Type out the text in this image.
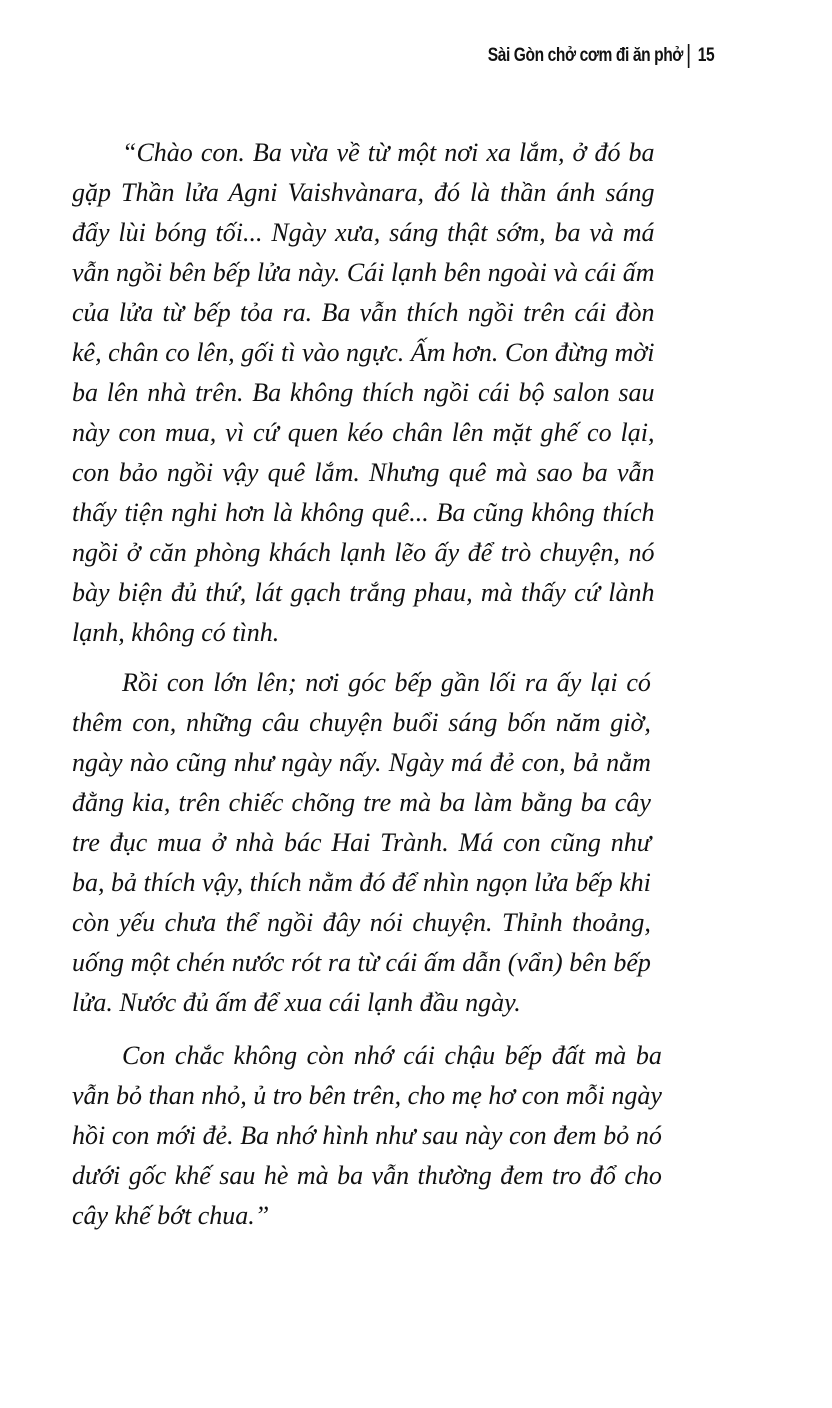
Sài Gòn chở cơm đi ăn phở 15
“Chào con. Ba vừa về từ một nơi xa lắm, ở đó ba
gặp Thần lửa Agni Vaishvànara, đó là thần ánh sáng
đẩy lùi bóng tối... Ngày xưa, sáng thật sớm, ba và má
vẫn ngồi bên bếp lửa này. Cái lạnh bên ngoài và cái ấm
của lửa từ bếp tỏa ra. Ba vẫn thích ngồi trên cái đòn
kê, chân co lên, gối tì vào ngực. Ấm hơn. Con đừng mời
ba lên nhà trên. Ba không thích ngồi cái bộ salon sau
này con mua, vì cứ quen kéo chân lên mặt ghế co lại,
con bảo ngồi vậy quê lắm. Nhưng quê mà sao ba vẫn
thấy tiện nghi hơn là không quê... Ba cũng không thích
ngồi ở căn phòng khách lạnh lẽo ấy để trò chuyện, nó
bày biện đủ thứ, lát gạch trắng phau, mà thấy cứ lành
lạnh, không có tình.
Rồi con lớn lên; nơi góc bếp gần lối ra ấy lại có
thêm con, những câu chuyện buổi sáng bốn năm giờ,
ngày nào cũng như ngày nấy. Ngày má đẻ con, bả nằm
đằng kia, trên chiếc chõng tre mà ba làm bằng ba cây
tre đục mua ở nhà bác Hai Trành. Má con cũng như
ba, bả thích vậy, thích nằm đó để nhìn ngọn lửa bếp khi
còn yếu chưa thể ngồi đây nói chuyện. Thỉnh thoảng,
uống một chén nước rót ra từ cái ấm dẫn (vẩn) bên bếp
lửa. Nước đủ ấm để xua cái lạnh đầu ngày.
Con chắc không còn nhớ cái chậu bếp đất mà ba
vẫn bỏ than nhỏ, ủ tro bên trên, cho mẹ hơ con mỗi ngày
hồi con mới đẻ. Ba nhớ hình như sau này con đem bỏ nó
dưới gốc khế sau hè mà ba vẫn thường đem tro đổ cho
cây khế bớt chua.”
